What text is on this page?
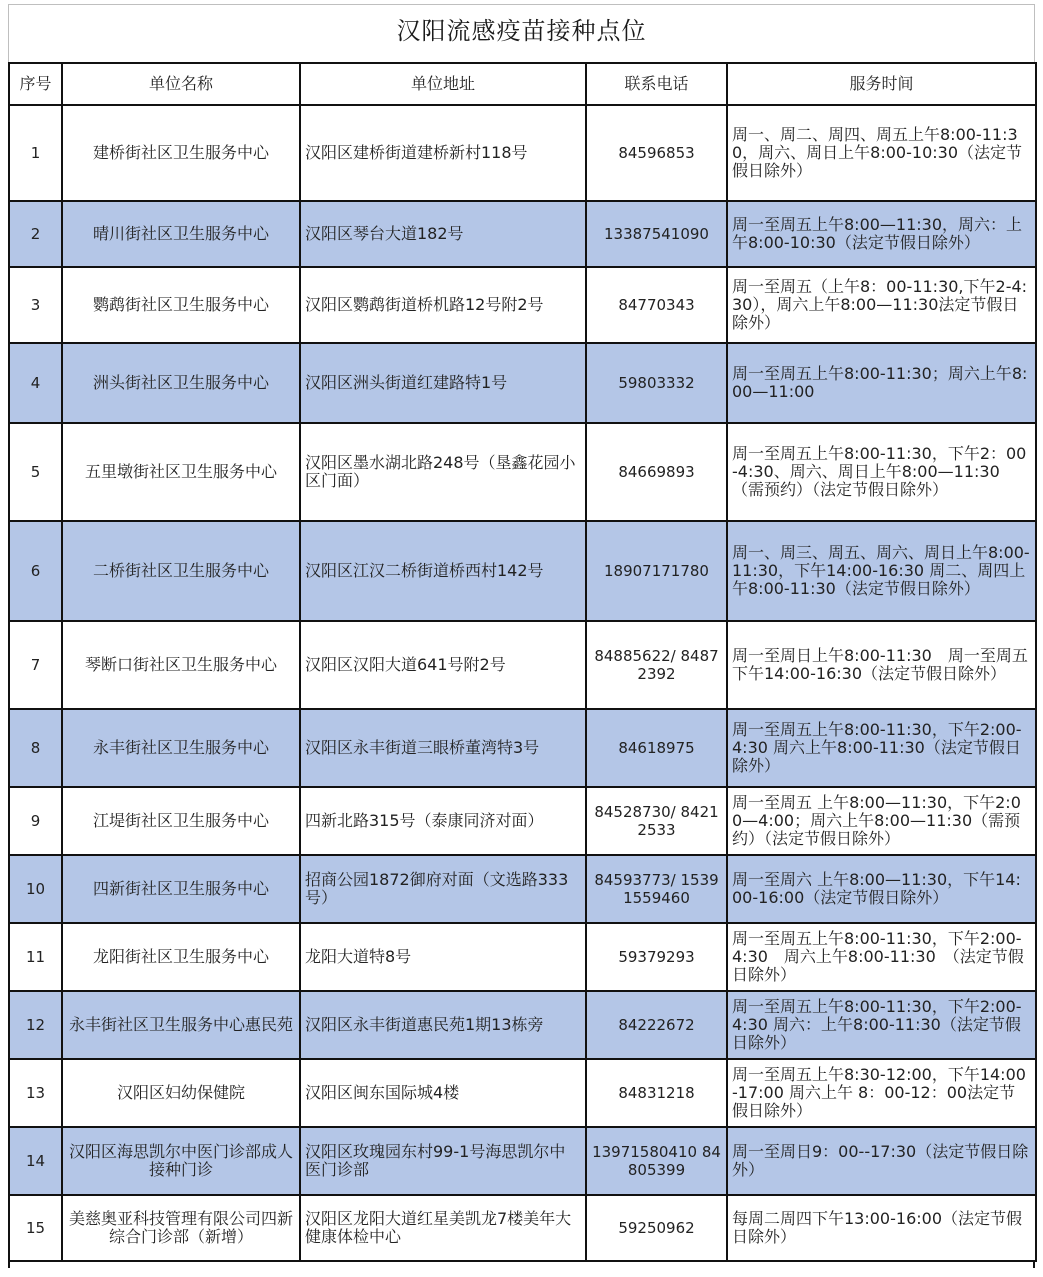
汉阳流感疫苗接种点位
序号	单位名称	单位地址	联系电话	服务时间
1	建桥街社区卫生服务中心	汉阳区建桥街道建桥新村118号	84596853	周一、周二、周四、周五上午8:00-11:30，周六、周日上午8:00-10:30（法定节假日除外）
2	晴川街社区卫生服务中心	汉阳区琴台大道182号	13387541090	周一至周五上午8:00—11:30，周六：上午8:00-10:30（法定节假日除外）
3	鹦鹉街社区卫生服务中心	汉阳区鹦鹉街道桥机路12号附2号	84770343	周一至周五（上午8：00-11:30,下午2-4:30），周六上午8:00—11:30法定节假日除外）
4	洲头街社区卫生服务中心	汉阳区洲头街道红建路特1号	59803332	周一至周五上午8:00-11:30；周六上午8:00—11:00
5	五里墩街社区卫生服务中心	汉阳区墨水湖北路248号（垦鑫花园小区门面）	84669893	周一至周五上午8:00-11:30，下午2：00-4:30、周六、周日上午8:00—11:30（需预约）（法定节假日除外）
6	二桥街社区卫生服务中心	汉阳区江汉二桥街道桥西村142号	18907171780	周一、周三、周五、周六、周日上午8:00-11:30，下午14:00-16:30 周二、周四上午8:00-11:30（法定节假日除外）
7	琴断口街社区卫生服务中心	汉阳区汉阳大道641号附2号	84885622/ 84872392	周一至周日上午8:00-11:30　周一至周五下午14:00-16:30（法定节假日除外）
8	永丰街社区卫生服务中心	汉阳区永丰街道三眼桥董湾特3号	84618975	周一至周五上午8:00-11:30，下午2:00-4:30 周六上午8:00-11:30（法定节假日除外）
9	江堤街社区卫生服务中心	四新北路315号（泰康同济对面）	84528730/ 84212533	周一至周五 上午8:00—11:30，下午2:00—4:00；周六上午8:00—11:30（需预约）（法定节假日除外）
10	四新街社区卫生服务中心	招商公园1872御府对面（文选路333号）	84593773/ 15391559460	周一至周六 上午8:00—11:30，下午14:00-16:00（法定节假日除外）
11	龙阳街社区卫生服务中心	龙阳大道特8号	59379293	周一至周五上午8:00-11:30，下午2:00-4:30　周六上午8:00-11:30　（法定节假日除外）
12	永丰街社区卫生服务中心惠民苑	汉阳区永丰街道惠民苑1期13栋旁	84222672	周一至周五上午8:00-11:30，下午2:00-4:30 周六：上午8:00-11:30（法定节假日除外）
13	汉阳区妇幼保健院	汉阳区闽东国际城4楼	84831218	周一至周五上午8:30-12:00，下午14:00-17:00 周六上午 8：00-12：00法定节假日除外）
14	汉阳区海思凯尔中医门诊部成人接种门诊	汉阳区玫瑰园东村99-1号海思凯尔中医门诊部	13971580410 84805399	周一至周日9：00--17:30（法定节假日除外）
15	美慈奥亚科技管理有限公司四新综合门诊部（新增）	汉阳区龙阳大道红星美凯龙7楼美年大健康体检中心	59250962	每周二周四下午13:00-16:00（法定节假日除外）
